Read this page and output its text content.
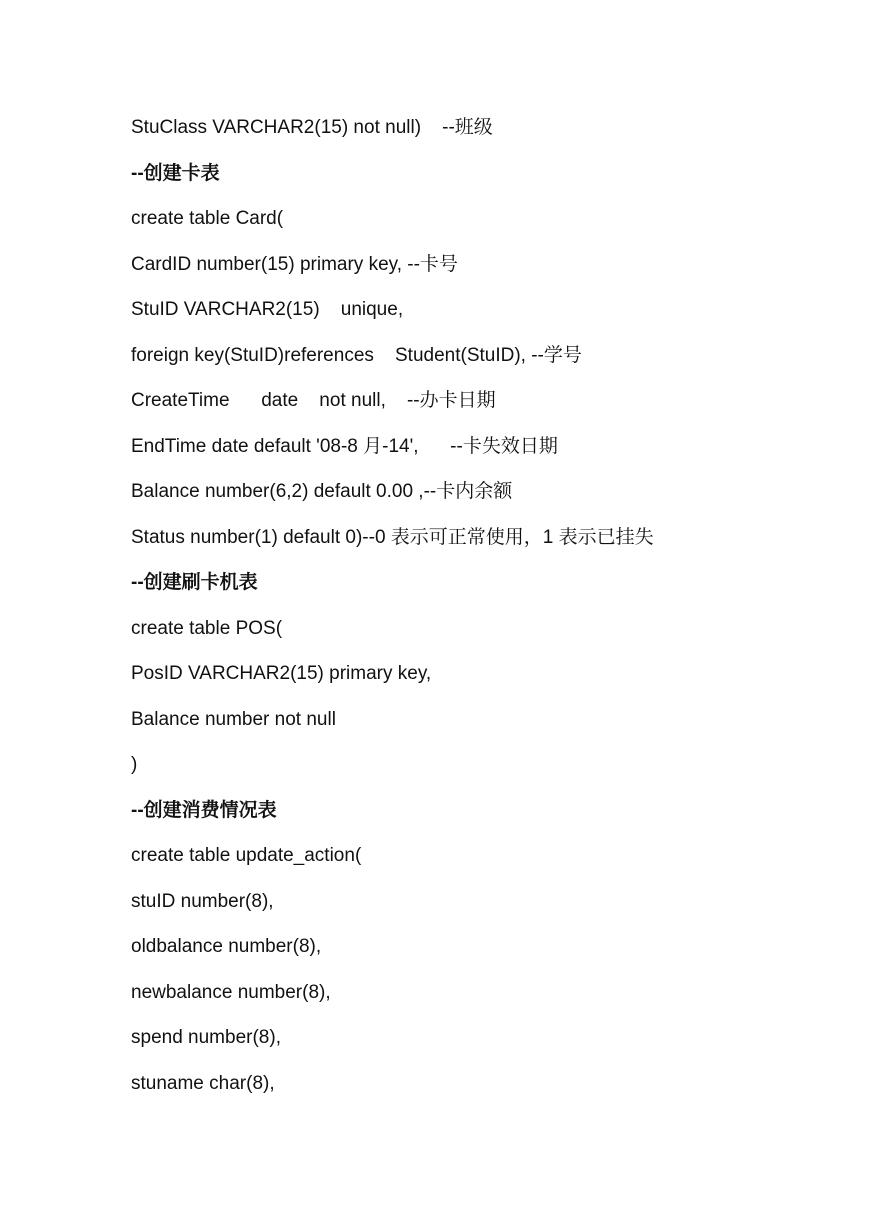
StuClass VARCHAR2(15) not null)    --班级
--创建卡表
create table Card(
CardID number(15) primary key, --卡号
StuID VARCHAR2(15)    unique,
foreign key(StuID)references    Student(StuID), --学号
CreateTime      date    not null,    --办卡日期
EndTime date default '08-8 月-14',      --卡失效日期
Balance number(6,2) default 0.00 ,--卡内余额
Status number(1) default 0)--0 表示可正常使用，1 表示已挂失
--创建刷卡机表
create table POS(
PosID VARCHAR2(15) primary key,
Balance number not null
)
--创建消费情况表
create table update_action(
stuID number(8),
oldbalance number(8),
newbalance number(8),
spend number(8),
stuname char(8),
